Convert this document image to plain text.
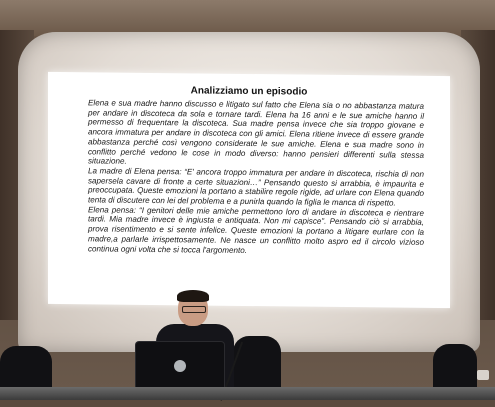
Analizziamo un episodio

Elena e sua madre hanno discusso e litigato sul fatto che Elena sia o no abbastanza matura per andare in discoteca da sola e tornare tardi. Elena ha 16 anni e le sue amiche hanno il permesso di frequentare la discoteca. Sua madre pensa invece che sia troppo giovane e ancora immatura per andare in discoteca con gli amici. Elena ritiene invece di essere grande abbastanza perché così vengono considerate le sue amiche. Elena e sua madre sono in conflitto perché vedono le cose in modo diverso: hanno pensieri differenti sulla stessa situazione.

La madre di Elena pensa: “E' ancora troppo immatura per andare in discoteca, rischia di non sapersela cavare di fronte a certe situazioni…” Pensando questo si arrabbia, è impaurita e preoccupata. Queste emozioni la portano a stabilire regole rigide, ad urlare con Elena quando tenta di discutere con lei del problema e a punirla quando la figlia le manca di rispetto.

Elena pensa: “I genitori delle mie amiche permettono loro di andare in discoteca e rientrare tardi. Mia madre invece è ingiusta e antiquata. Non mi capisce”. Pensando ciò si arrabbia, prova risentimento e si sente infelice. Queste emozioni la portano a litigare eurlare con la madre,a parlarle irrispettosamente. Ne nasce un conflitto molto aspro ed il circolo vizioso continua ogni volta che si tocca l'argomento.
